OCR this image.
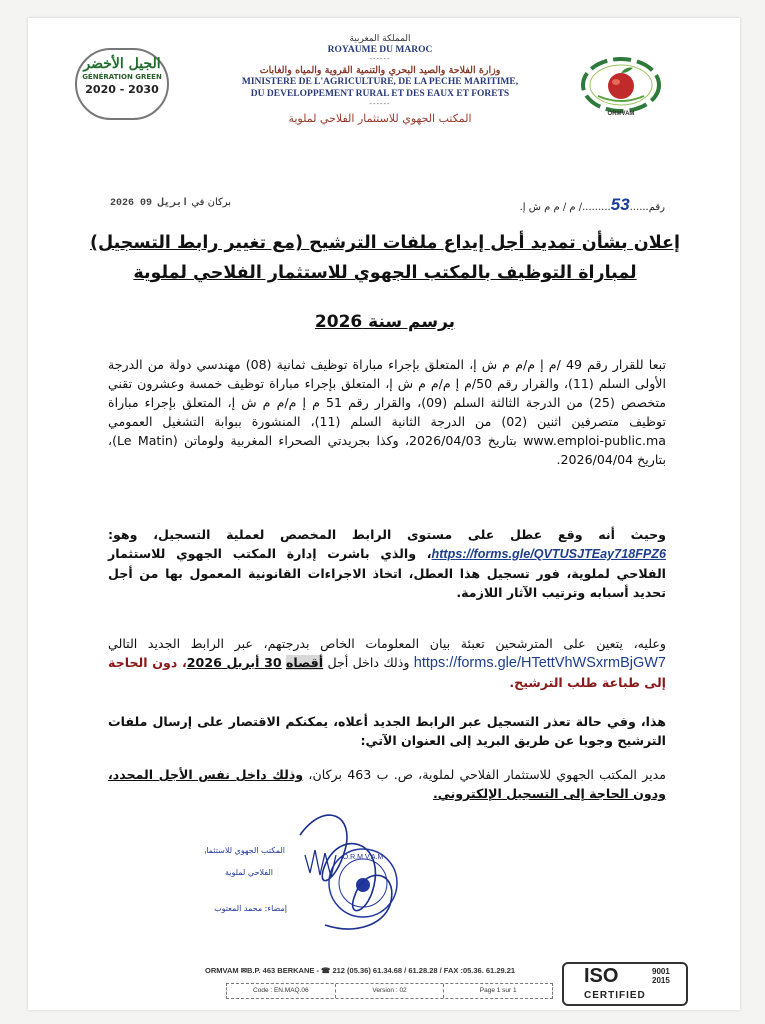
الجيل الأخضر
GÉNÉRATION GREEN
2020 - 2030
ORMVAM
المملكة المغربية
ROYAUME DU MAROC
------
وزارة الفلاحة والصيد البحري والتنمية القروية والمياه والغابات
MINISTERE DE L'AGRICULTURE, DE LA PECHE MARITIME,
DU DEVELOPPEMENT RURAL ET DES EAUX ET FORETS
------
المكتب الجهوي للاستثمار الفلاحي لملوية
رقم......53........./ م / م م ش إ.
بركان في 2026 ابريل 09
إعلان بشأن تمديد أجل إيداع ملفات الترشيح (مع تغيير رابط التسجيل)
لمباراة التوظيف بالمكتب الجهوي للاستثمار الفلاحي لملوية
برسم سنة 2026
تبعا للقرار رقم 49 /م إ م/م م ش إ، المتعلق بإجراء مباراة توظيف ثمانية (08) مهندسي دولة من الدرجة الأولى السلم (11)، والقرار رقم 50/م إ م/م م ش إ، المتعلق بإجراء مباراة توظيف خمسة وعشرون تقني متخصص (25) من الدرجة الثالثة السلم (09)، والقرار رقم 51 م إ م/م م ش إ، المتعلق بإجراء مباراة توظيف متصرفين اثنين (02) من الدرجة الثانية السلم (11)، المنشورة ببوابة التشغيل العمومي www.emploi-public.ma بتاريخ 2026/04/03، وكذا بجريدتي الصحراء المغربية ولوماتن (Le Matin)، بتاريخ 2026/04/04.
وحيث أنه وقع عطل على مستوى الرابط المخصص لعملية التسجيل، وهو: https://forms.gle/QVTUSJTEay718FPZ6، والذي باشرت إدارة المكتب الجهوي للاستثمار الفلاحي لملوية، فور تسجيل هذا العطل، اتخاذ الاجراءات القانونية المعمول بها من أجل تحديد أسبابه وترتيب الآثار اللازمة.
وعليه، يتعين على المترشحين تعبئة بيان المعلومات الخاص بدرجتهم، عبر الرابط الجديد التالي https://forms.gle/HTettVhWSxrmBjGW7 وذلك داخل أجل أقصاه 30 أبريل 2026، دون الحاجة إلى طباعة طلب الترشيح.
هذا، وفي حالة تعذر التسجيل عبر الرابط الجديد أعلاه، يمكنكم الاقتصار على إرسال ملفات الترشيح وجوبا عن طريق البريد إلى العنوان الآتي:
مدير المكتب الجهوي للاستثمار الفلاحي لملوية، ص. ب 463 بركان، وذلك داخل نفس الأجل المحدد، ودون الحاجة إلى التسجيل الإلكتروني.
المكتب الجهوي للاستثمار
الفلاحي لملوية
إمضاء: محمد المعتوب
O.R.M.V.A.M
ORMVAM ✉B.P. 463 BERKANE - ☎ 212 (05.36) 61.34.68 / 61.28.28 / FAX :05.36. 61.29.21
Code : EN.MAQ.06	Version : 02	Page 1 sur 1
ISO	9001
2015
CERTIFIED
